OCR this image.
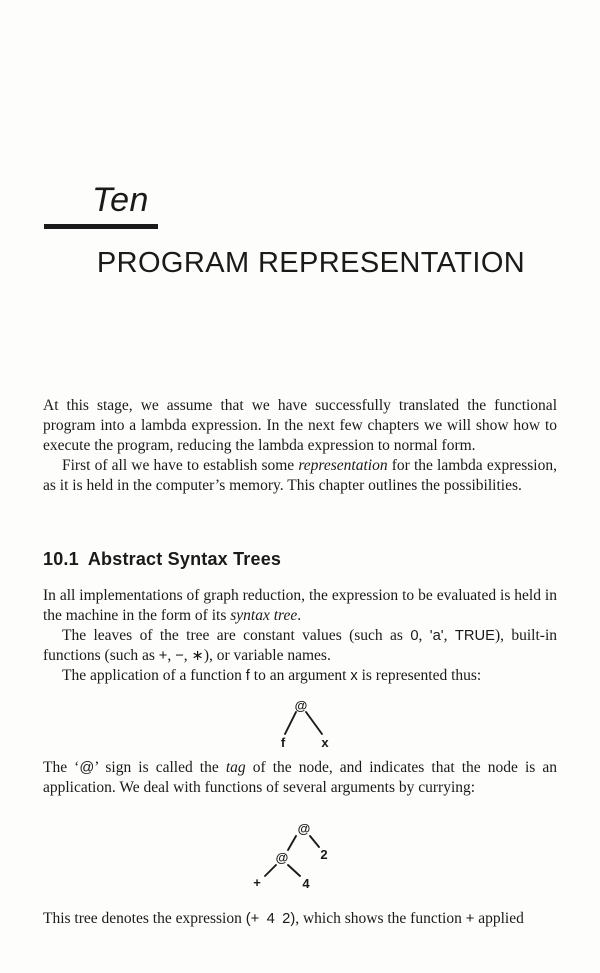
Ten
PROGRAM REPRESENTATION

At this stage, we assume that we have successfully translated the functional program into a lambda expression. In the next few chapters we will show how to execute the program, reducing the lambda expression to normal form.

First of all we have to establish some representation for the lambda expression, as it is held in the computer’s memory. This chapter outlines the possibilities.

10.1 Abstract Syntax Trees

In all implementations of graph reduction, the expression to be evaluated is held in the machine in the form of its syntax tree.

The leaves of the tree are constant values (such as 0, 'a', TRUE), built-in functions (such as +, −, ∗), or variable names.

The application of a function f to an argument x is represented thus:

@
f	x

The ‘@’ sign is called the tag of the node, and indicates that the node is an application. We deal with functions of several arguments by currying:

@
2
@
+	4

This tree denotes the expression (+ 4 2), which shows the function + applied
